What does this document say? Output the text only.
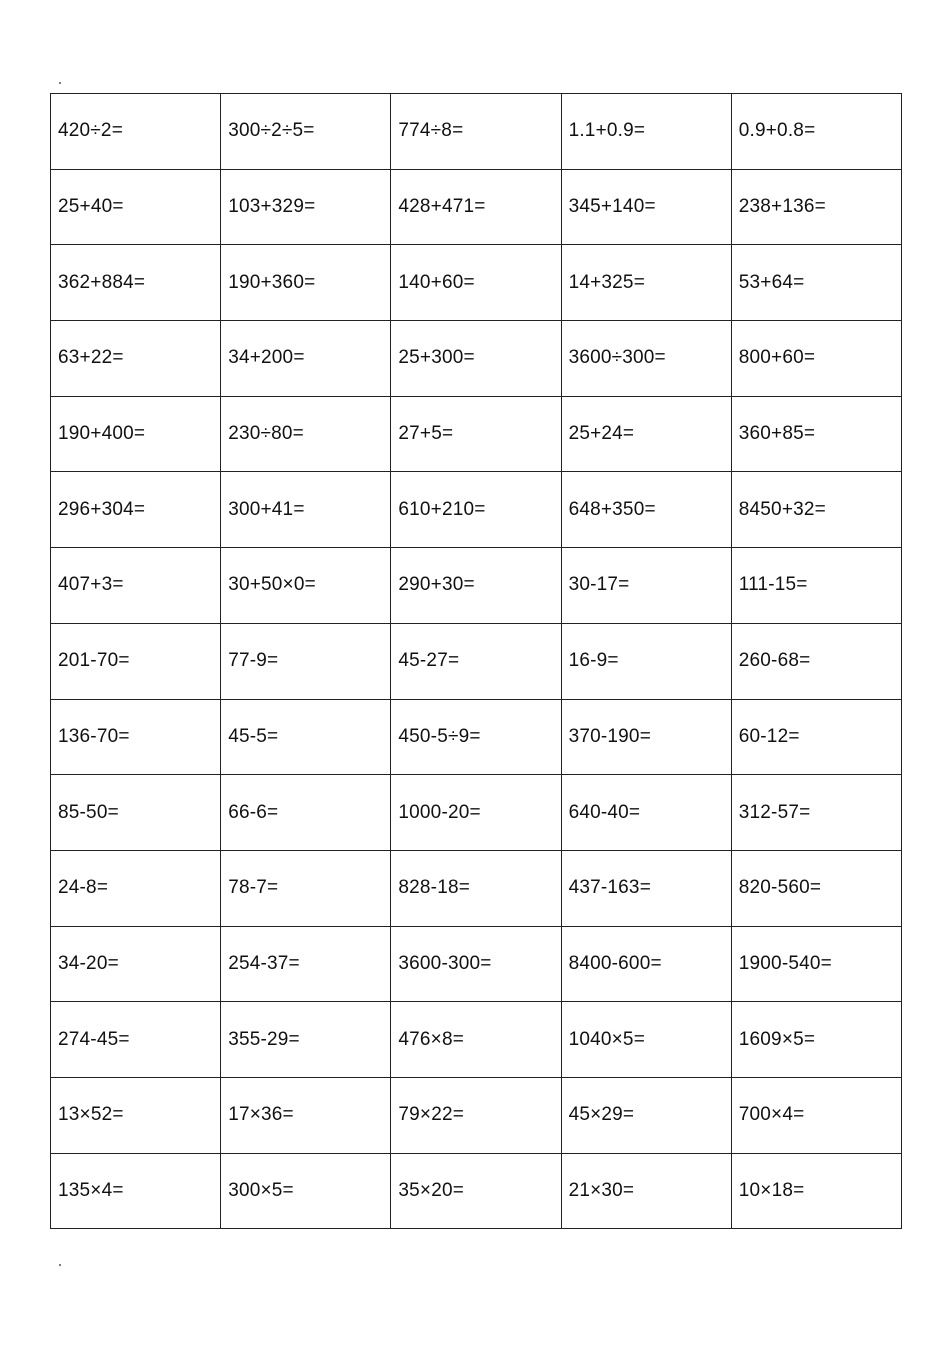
420÷2=	300÷2÷5=	774÷8=	1.1+0.9=	0.9+0.8=
25+40=	103+329=	428+471=	345+140=	238+136=
362+884=	190+360=	140+60=	14+325=	53+64=
63+22=	34+200=	25+300=	3600÷300=	800+60=
190+400=	230÷80=	27+5=	25+24=	360+85=
296+304=	300+41=	610+210=	648+350=	8450+32=
407+3=	30+50×0=	290+30=	30-17=	111-15=
201-70=	77-9=	45-27=	16-9=	260-68=
136-70=	45-5=	450-5÷9=	370-190=	60-12=
85-50=	66-6=	1000-20=	640-40=	312-57=
24-8=	78-7=	828-18=	437-163=	820-560=
34-20=	254-37=	3600-300=	8400-600=	1900-540=
274-45=	355-29=	476×8=	1040×5=	1609×5=
13×52=	17×36=	79×22=	45×29=	700×4=
135×4=	300×5=	35×20=	21×30=	10×18=
